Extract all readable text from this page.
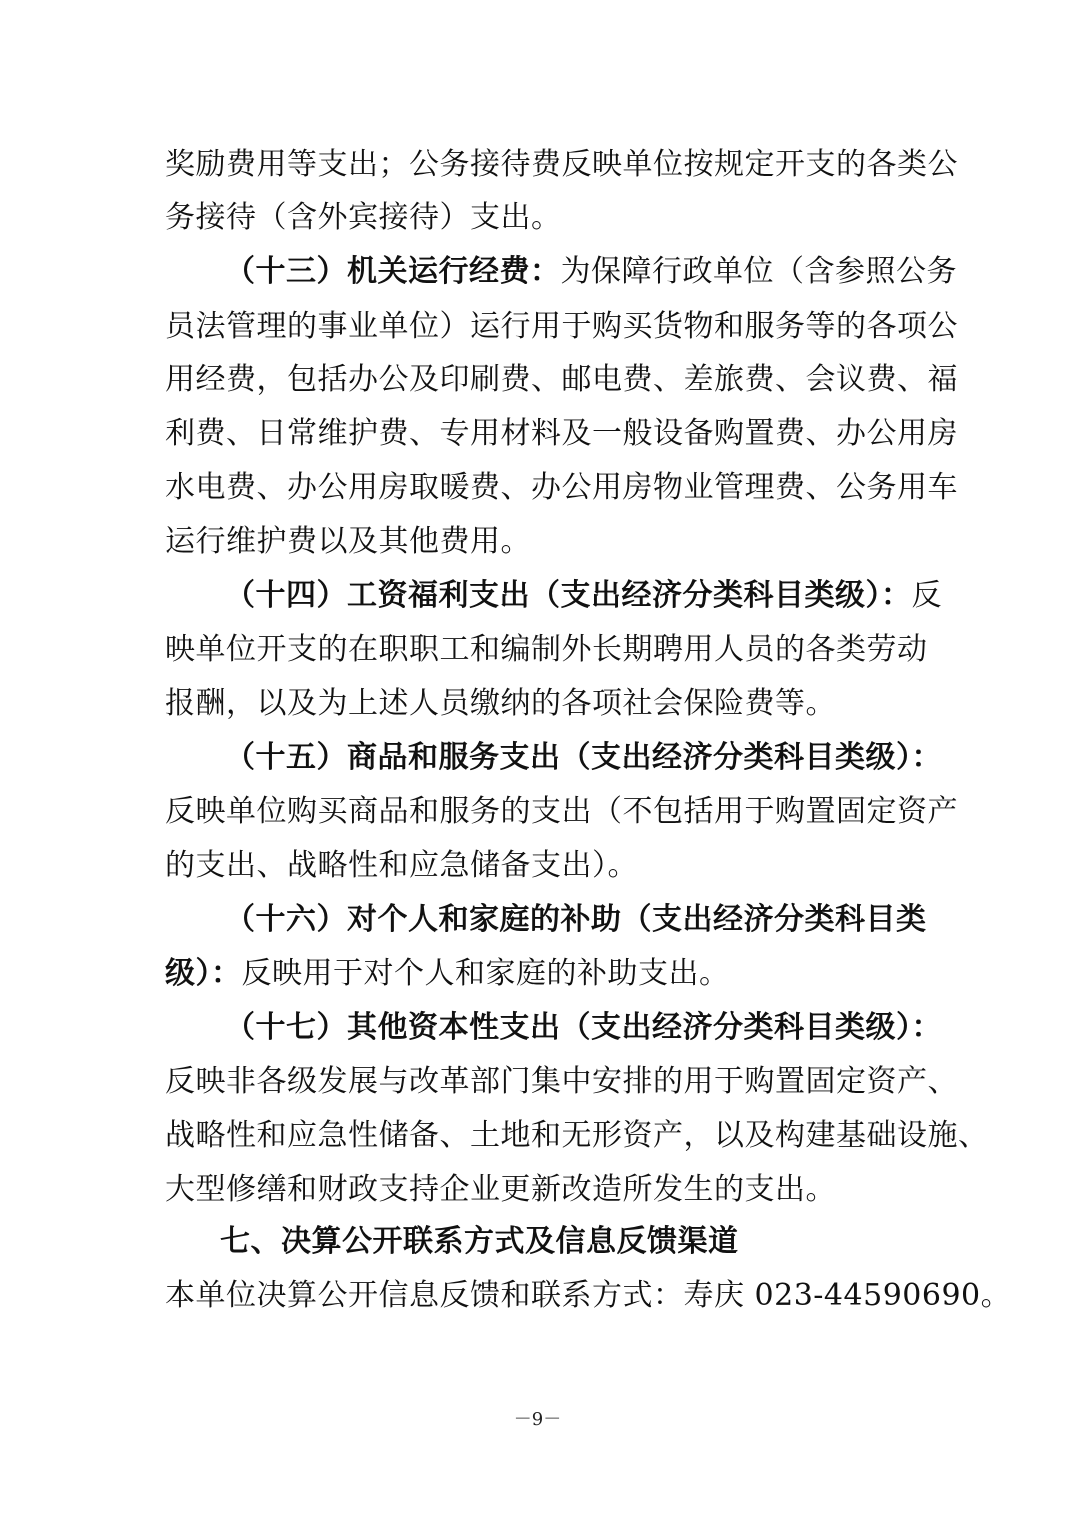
奖励费用等支出；公务接待费反映单位按规定开支的各类公
务接待（含外宾接待）支出。
（十三）机关运行经费：为保障行政单位（含参照公务
员法管理的事业单位）运行用于购买货物和服务等的各项公
用经费，包括办公及印刷费、邮电费、差旅费、会议费、福
利费、日常维护费、专用材料及一般设备购置费、办公用房
水电费、办公用房取暖费、办公用房物业管理费、公务用车
运行维护费以及其他费用。
（十四）工资福利支出（支出经济分类科目类级）：反
映单位开支的在职职工和编制外长期聘用人员的各类劳动
报酬，以及为上述人员缴纳的各项社会保险费等。
（十五）商品和服务支出（支出经济分类科目类级）：
反映单位购买商品和服务的支出（不包括用于购置固定资产
的支出、战略性和应急储备支出）。
（十六）对个人和家庭的补助（支出经济分类科目类
级）：反映用于对个人和家庭的补助支出。
（十七）其他资本性支出（支出经济分类科目类级）：
反映非各级发展与改革部门集中安排的用于购置固定资产、
战略性和应急性储备、土地和无形资产，以及构建基础设施、
大型修缮和财政支持企业更新改造所发生的支出。
七、决算公开联系方式及信息反馈渠道
本单位决算公开信息反馈和联系方式：寿庆 023-44590690。
－9－
